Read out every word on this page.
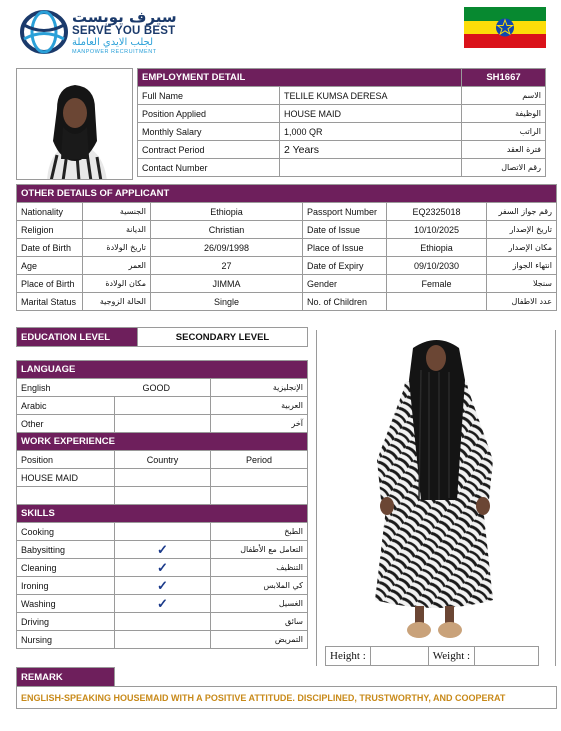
سيرف يوبست
SERVE YOU BEST
لجلب الايدي العاملة
MANPOWER RECRUITMENT
EMPLOYMENT DETAIL		SH1667
Full Name	TELILE KUMSA DERESA	الاسم
Position Applied	HOUSE MAID	الوظيفة
Monthly Salary	1,000 QR	الراتب
Contract Period	2 Years	فترة العقد
Contact Number		رقم الاتصال
OTHER DETAILS OF APPLICANT					
Nationality	الجنسية	Ethiopia	Passport Number	EQ2325018	رقم جواز السفر
Religion	الديانة	Christian	Date of Issue	10/10/2025	تاريخ الإصدار
Date of Birth	تاريخ الولادة	26/09/1998	Place of Issue	Ethiopia	مكان الإصدار
Age	العمر	27	Date of Expiry	09/10/2030	انتهاء الجواز
Place of Birth	مكان الولادة	JIMMA	Gender	Female	سنجلا
Marital Status	الحالة الزوجية	Single	No. of Children		عدد الاطفال
EDUCATION LEVEL	SECONDARY LEVEL
LANGUAGE		
English	GOOD	الإنجليزية
Arabic		العربية
Other		آخر
WORK EXPERIENCE		
Position	Country	Period
HOUSE MAID		

SKILLS		
Cooking		الطبخ
Babysitting	✓	التعامل مع الأطفال
Cleaning	✓	التنظيف
Ironing	✓	كي الملابس
Washing	✓	الغسيل
Driving		سائق
Nursing		التمريض
Height :		Weight :	
REMARK	
ENGLISH-SPEAKING HOUSEMAID WITH A POSITIVE ATTITUDE. DISCIPLINED, TRUSTWORTHY, AND COOPERAT
